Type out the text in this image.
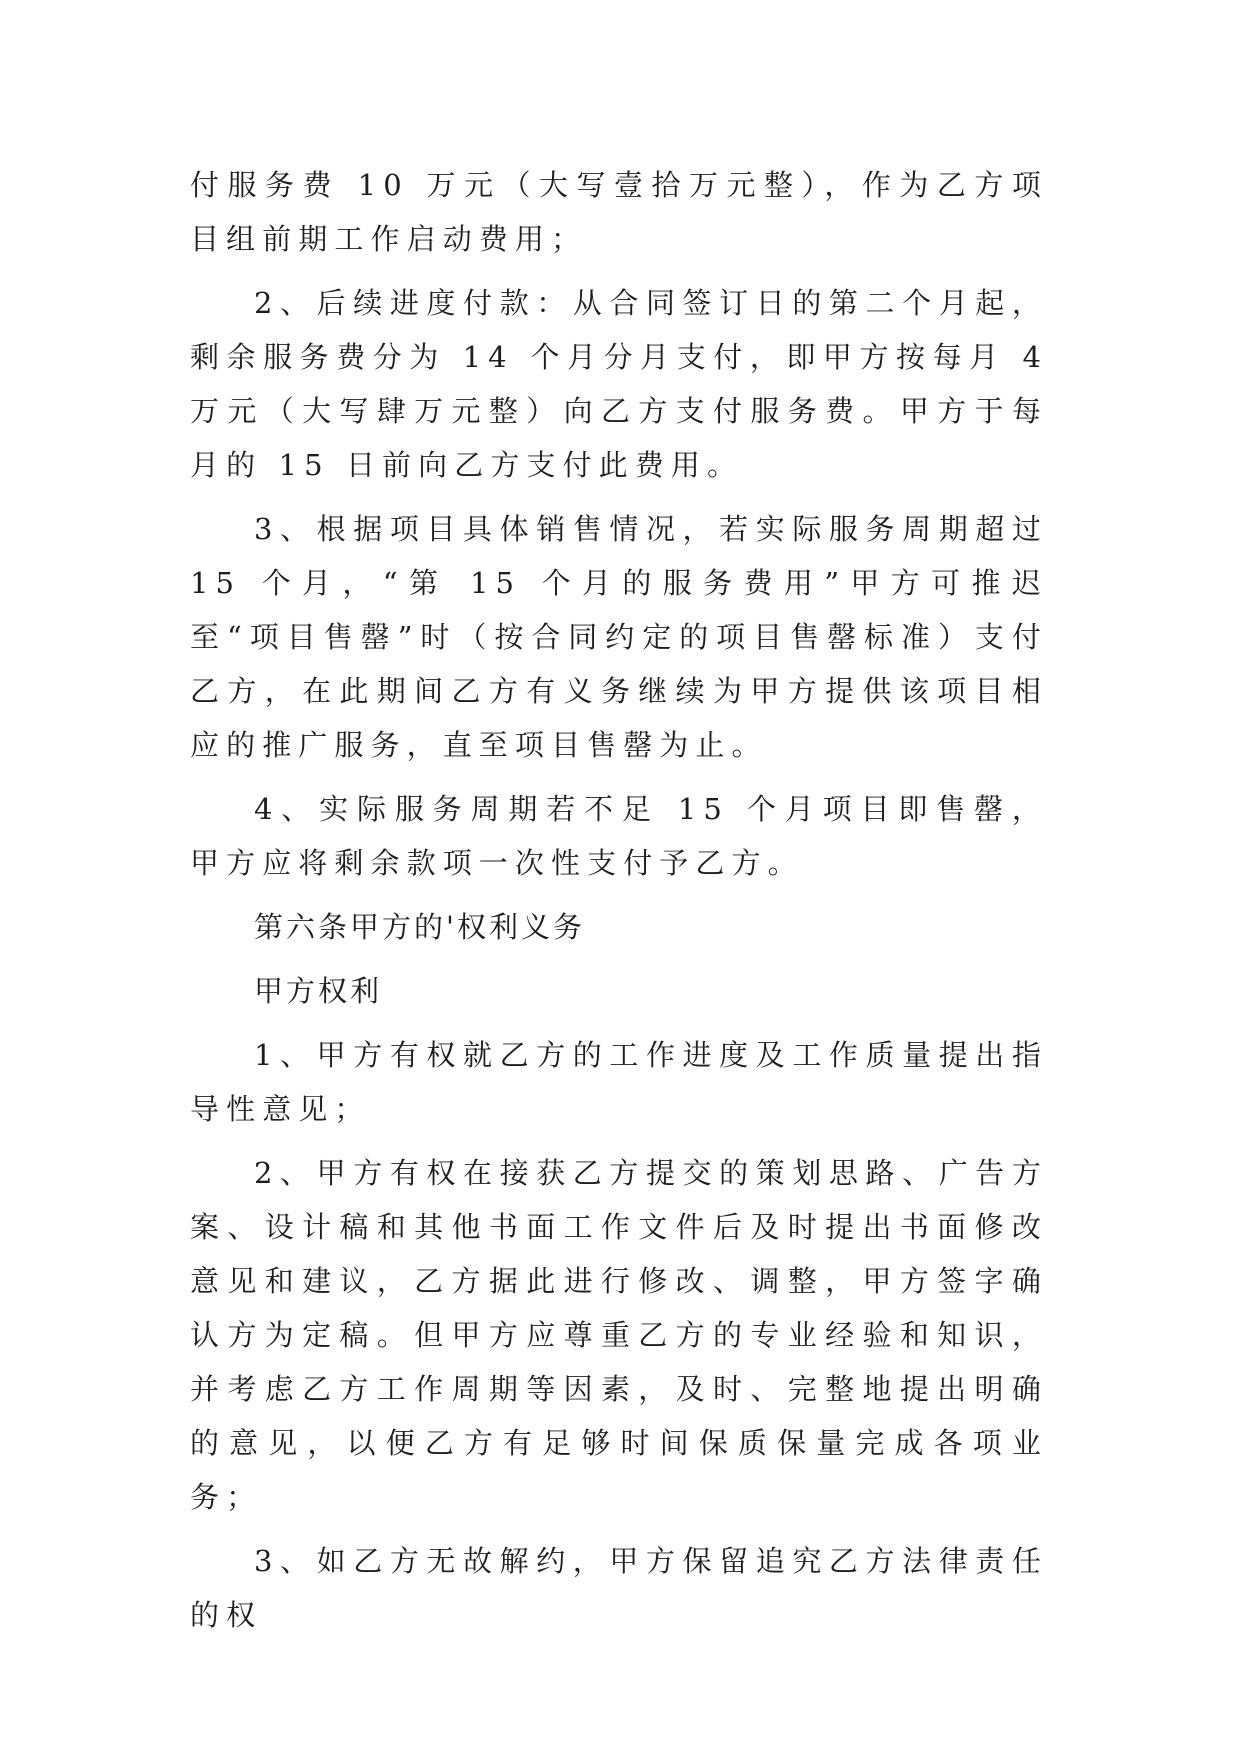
付服务费 10 万元（大写壹拾万元整），作为乙方项目组前期工作启动费用；

2、后续进度付款：从合同签订日的第二个月起，剩余服务费分为 14 个月分月支付，即甲方按每月 4 万元（大写肆万元整）向乙方支付服务费。甲方于每月的 15 日前向乙方支付此费用。

3、根据项目具体销售情况，若实际服务周期超过 15 个月，“第 15 个月的服务费用”甲方可推迟至“项目售罄”时（按合同约定的项目售罄标准）支付乙方，在此期间乙方有义务继续为甲方提供该项目相应的推广服务，直至项目售罄为止。

4、实际服务周期若不足 15 个月项目即售罄，甲方应将剩余款项一次性支付予乙方。

第六条甲方的'权利义务

甲方权利

1、甲方有权就乙方的工作进度及工作质量提出指导性意见；

2、甲方有权在接获乙方提交的策划思路、广告方案、设计稿和其他书面工作文件后及时提出书面修改意见和建议，乙方据此进行修改、调整，甲方签字确认方为定稿。但甲方应尊重乙方的专业经验和知识，并考虑乙方工作周期等因素，及时、完整地提出明确的意见，以便乙方有足够时间保质保量完成各项业务；

3、如乙方无故解约，甲方保留追究乙方法律责任的权
